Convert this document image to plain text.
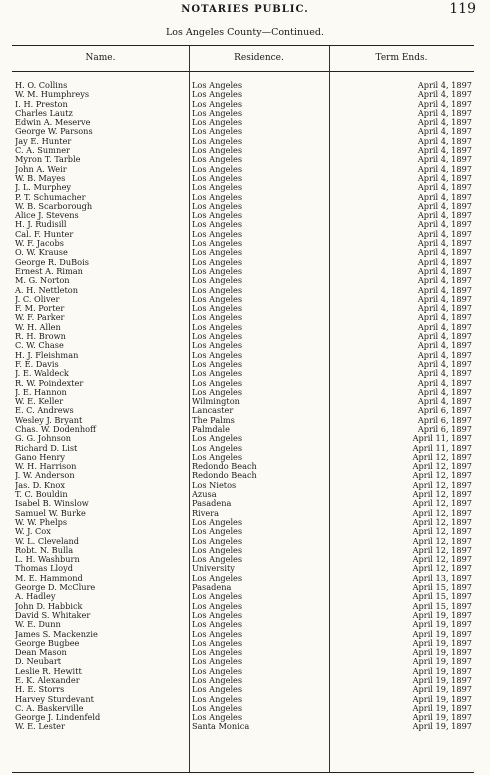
NOTARIES PUBLIC.	119
Los Angeles County—Continued.
Name.	Residence.	Term Ends.
H. O. Collins	Los Angeles	April 4, 1897
W. M. Humphreys	Los Angeles	April 4, 1897
I. H. Preston	Los Angeles	April 4, 1897
Charles Lautz	Los Angeles	April 4, 1897
Edwin A. Meserve	Los Angeles	April 4, 1897
George W. Parsons	Los Angeles	April 4, 1897
Jay E. Hunter	Los Angeles	April 4, 1897
C. A. Sumner	Los Angeles	April 4, 1897
Myron T. Tarble	Los Angeles	April 4, 1897
John A. Weir	Los Angeles	April 4, 1897
W. B. Mayes	Los Angeles	April 4, 1897
J. L. Murphey	Los Angeles	April 4, 1897
P. T. Schumacher	Los Angeles	April 4, 1897
W. B. Scarborough	Los Angeles	April 4, 1897
Alice J. Stevens	Los Angeles	April 4, 1897
H. J. Rudisill	Los Angeles	April 4, 1897
Cal. F. Hunter	Los Angeles	April 4, 1897
W. F. Jacobs	Los Angeles	April 4, 1897
O. W. Krause	Los Angeles	April 4, 1897
George R. DuBois	Los Angeles	April 4, 1897
Ernest A. Riman	Los Angeles	April 4, 1897
M. G. Norton	Los Angeles	April 4, 1897
A. H. Nettleton	Los Angeles	April 4, 1897
J. C. Oliver	Los Angeles	April 4, 1897
F. M. Porter	Los Angeles	April 4, 1897
W. F. Parker	Los Angeles	April 4, 1897
W. H. Allen	Los Angeles	April 4, 1897
R. H. Brown	Los Angeles	April 4, 1897
C. W. Chase	Los Angeles	April 4, 1897
H. J. Fleishman	Los Angeles	April 4, 1897
F. E. Davis	Los Angeles	April 4, 1897
J. E. Waldeck	Los Angeles	April 4, 1897
R. W. Poindexter	Los Angeles	April 4, 1897
J. E. Hannon	Los Angeles	April 4, 1897
W. E. Keller	Wilmington	April 4, 1897
E. C. Andrews	Lancaster	April 6, 1897
Wesley J. Bryant	The Palms	April 6, 1897
Chas. W. Dodenhoff	Palmdale	April 6, 1897
G. G. Johnson	Los Angeles	April 11, 1897
Richard D. List	Los Angeles	April 11, 1897
Gano Henry	Los Angeles	April 12, 1897
W. H. Harrison	Redondo Beach	April 12, 1897
J. W. Anderson	Redondo Beach	April 12, 1897
Jas. D. Knox	Los Nietos	April 12, 1897
T. C. Bouldin	Azusa	April 12, 1897
Isabel B. Winslow	Pasadena	April 12, 1897
Samuel W. Burke	Rivera	April 12, 1897
W. W. Phelps	Los Angeles	April 12, 1897
W. J. Cox	Los Angeles	April 12, 1897
W. L. Cleveland	Los Angeles	April 12, 1897
Robt. N. Bulla	Los Angeles	April 12, 1897
L. H. Washburn	Los Angeles	April 12, 1897
Thomas Lloyd	University	April 12, 1897
M. E. Hammond	Los Angeles	April 13, 1897
George D. McClure	Pasadena	April 15, 1897
A. Hadley	Los Angeles	April 15, 1897
John D. Habbick	Los Angeles	April 15, 1897
David S. Whitaker	Los Angeles	April 19, 1897
W. E. Dunn	Los Angeles	April 19, 1897
James S. Mackenzie	Los Angeles	April 19, 1897
George Bugbee	Los Angeles	April 19, 1897
Dean Mason	Los Angeles	April 19, 1897
D. Neubart	Los Angeles	April 19, 1897
Leslie R. Hewitt	Los Angeles	April 19, 1897
E. K. Alexander	Los Angeles	April 19, 1897
H. E. Storrs	Los Angeles	April 19, 1897
Harvey Sturdevant	Los Angeles	April 19, 1897
C. A. Baskerville	Los Angeles	April 19, 1897
George J. Lindenfeld	Los Angeles	April 19, 1897
W. E. Lester	Santa Monica	April 19, 1897
